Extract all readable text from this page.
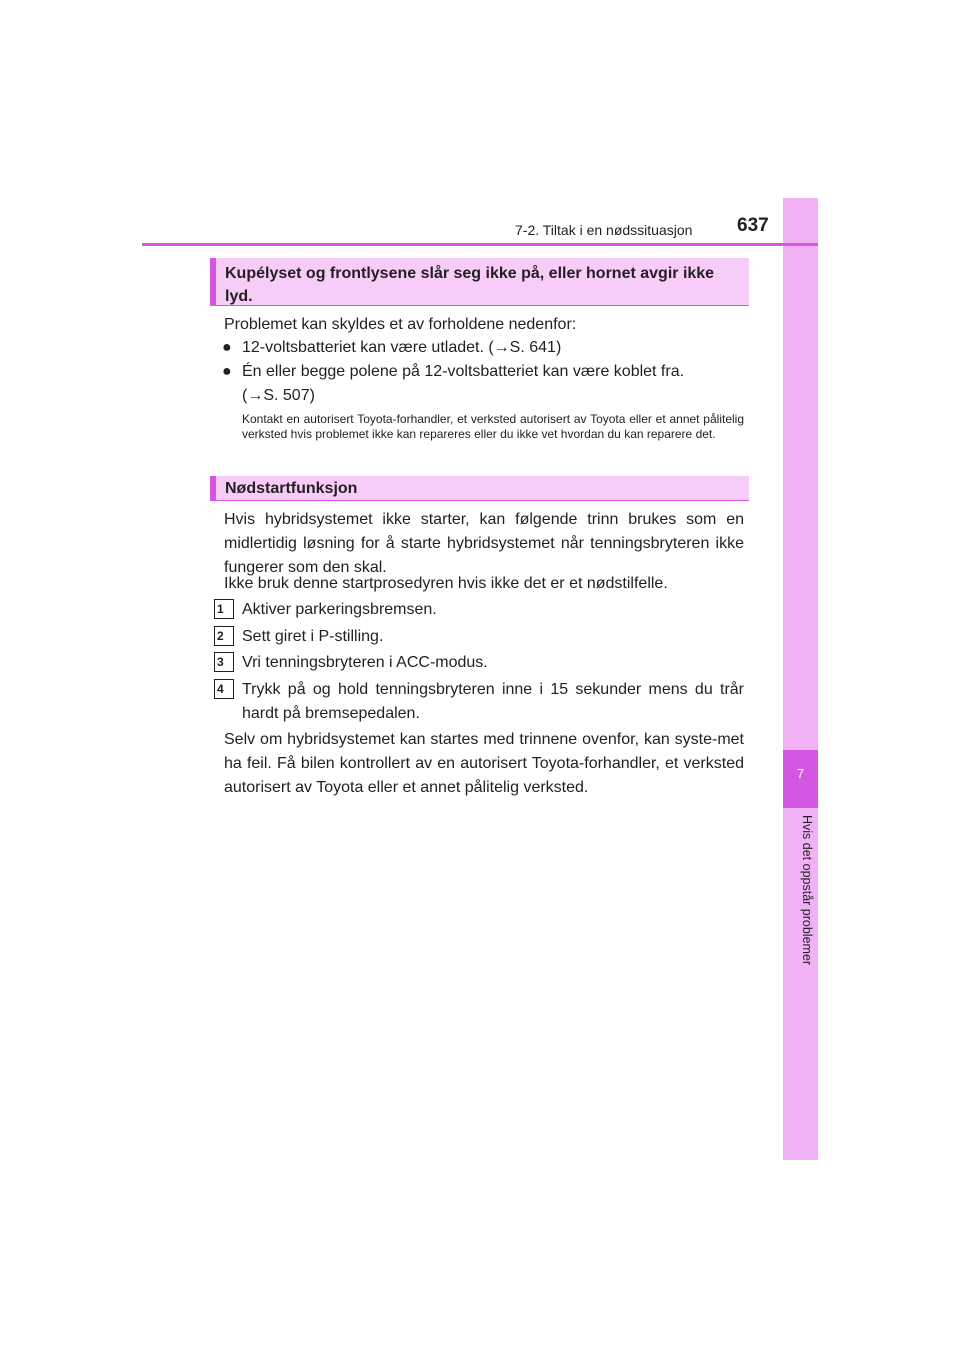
7
Hvis det oppstår problemer
7-2. Tiltak i en nødssituasjon 637
Kupélyset og frontlysene slår seg ikke på, eller hornet avgir ikke lyd.
Problemet kan skyldes et av forholdene nedenfor:
● 12-voltsbatteriet kan være utladet. (→S. 641)
● Én eller begge polene på 12-voltsbatteriet kan være koblet fra.
(→S. 507)
Kontakt en autorisert Toyota-forhandler, et verksted autorisert av Toyota eller et annet pålitelig verksted hvis problemet ikke kan repareres eller du ikke vet hvordan du kan reparere det.
Nødstartfunksjon
Hvis hybridsystemet ikke starter, kan følgende trinn brukes som en midlertidig løsning for å starte hybridsystemet når tenningsbryteren ikke fungerer som den skal.
Ikke bruk denne startprosedyren hvis ikke det er et nødstilfelle.
1	Aktiver parkeringsbremsen.
2	Sett giret i P-stilling.
3	Vri tenningsbryteren i ACC-modus.
4	Trykk på og hold tenningsbryteren inne i 15 sekunder mens du trår hardt på bremsepedalen.
Selv om hybridsystemet kan startes med trinnene ovenfor, kan syste-met ha feil. Få bilen kontrollert av en autorisert Toyota-forhandler, et verksted autorisert av Toyota eller et annet pålitelig verksted.
